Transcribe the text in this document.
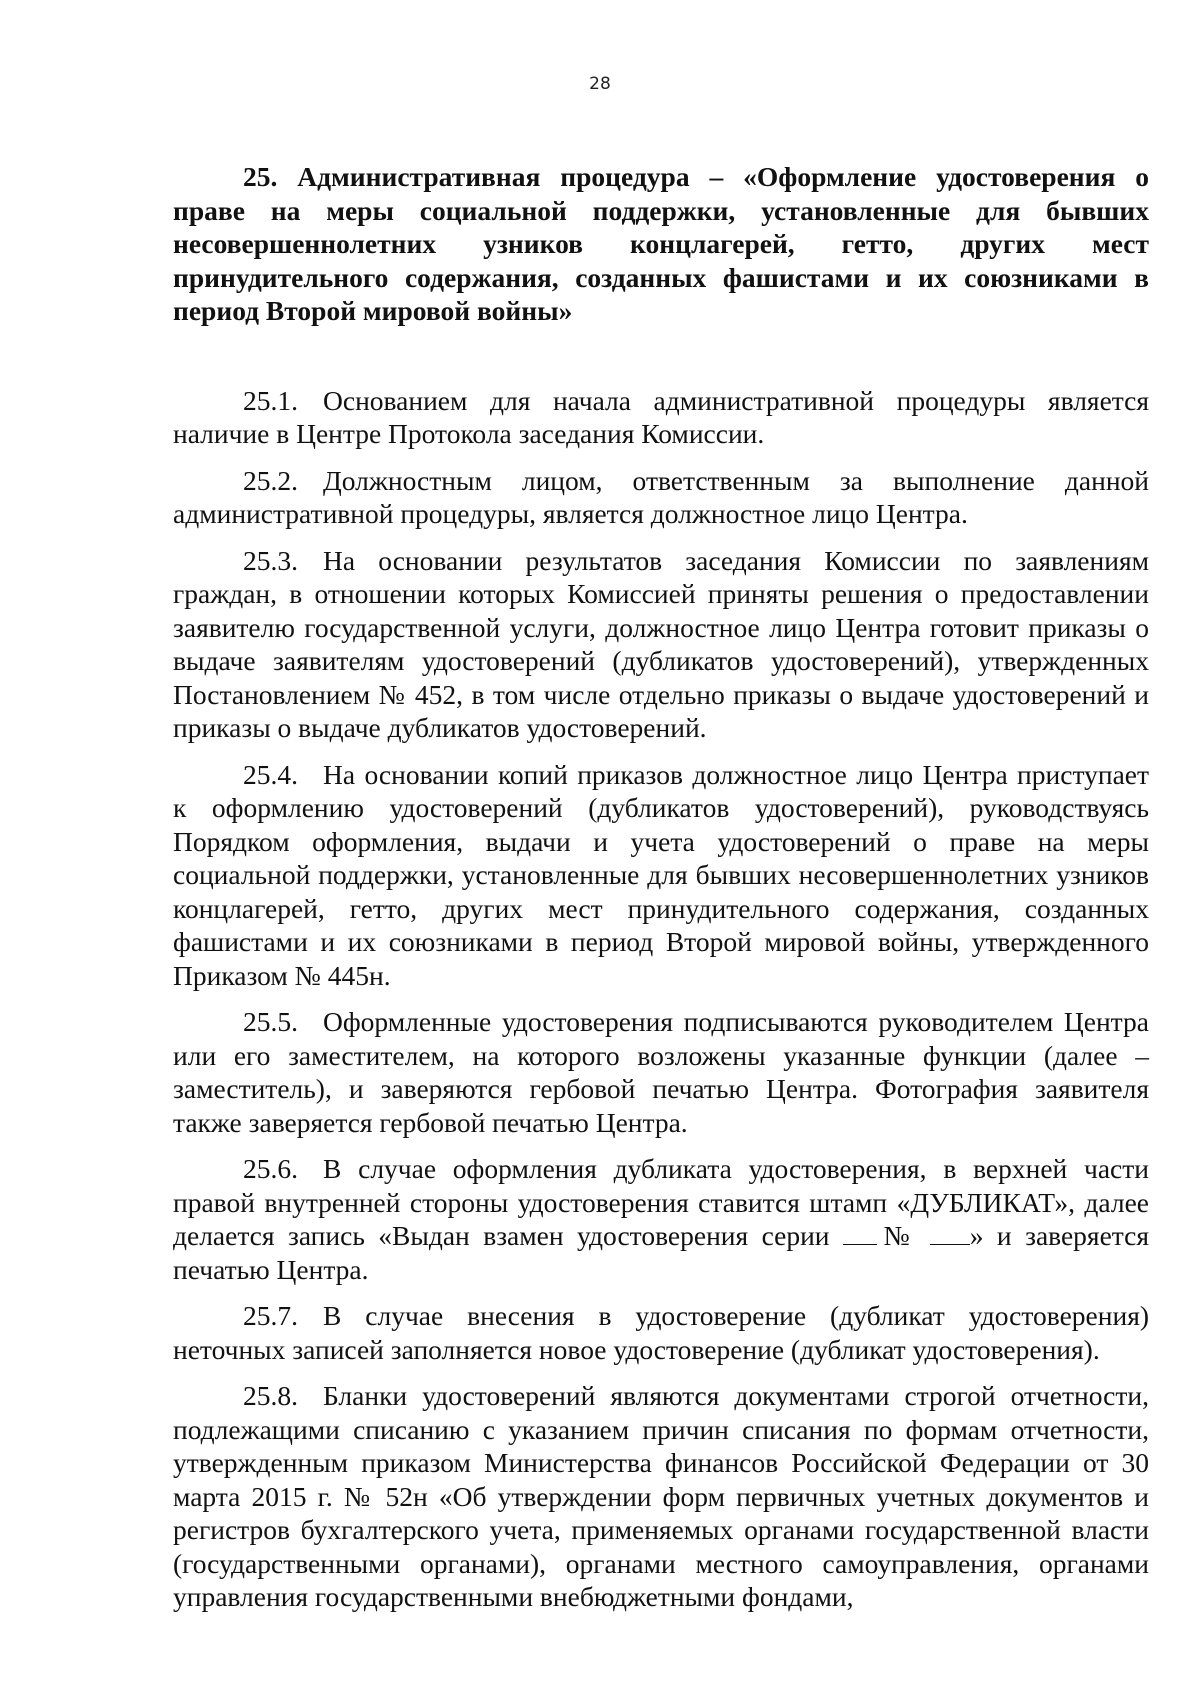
28

25. Административная процедура – «Оформление удостоверения о праве на меры социальной поддержки, установленные для бывших несовершеннолетних узников концлагерей, гетто, других мест принудительного содержания, созданных фашистами и их союзниками в период Второй мировой войны»

25.1. Основанием для начала административной процедуры является наличие в Центре Протокола заседания Комиссии.

25.2. Должностным лицом, ответственным за выполнение данной административной процедуры, является должностное лицо Центра.

25.3. На основании результатов заседания Комиссии по заявлениям граждан, в отношении которых Комиссией приняты решения о предоставлении заявителю государственной услуги, должностное лицо Центра готовит приказы о выдаче заявителям удостоверений (дубликатов удостоверений), утвержденных Постановлением № 452, в том числе отдельно приказы о выдаче удостоверений и приказы о выдаче дубликатов удостоверений.

25.4. На основании копий приказов должностное лицо Центра приступает к оформлению удостоверений (дубликатов удостоверений), руководствуясь Порядком оформления, выдачи и учета удостоверений о праве на меры социальной поддержки, установленные для бывших несовершеннолетних узников концлагерей, гетто, других мест принудительного содержания, созданных фашистами и их союзниками в период Второй мировой войны, утвержденного Приказом № 445н.

25.5. Оформленные удостоверения подписываются руководителем Центра или его заместителем, на которого возложены указанные функции (далее – заместитель), и заверяются гербовой печатью Центра. Фотография заявителя также заверяется гербовой печатью Центра.

25.6. В случае оформления дубликата удостоверения, в верхней части правой внутренней стороны удостоверения ставится штамп «ДУБЛИКАТ», далее делается запись «Выдан взамен удостоверения серии № » и заверяется печатью Центра.

25.7. В случае внесения в удостоверение (дубликат удостоверения) неточных записей заполняется новое удостоверение (дубликат удостоверения).

25.8. Бланки удостоверений являются документами строгой отчетности, подлежащими списанию с указанием причин списания по формам отчетности, утвержденным приказом Министерства финансов Российской Федерации от 30 марта 2015 г. № 52н «Об утверждении форм первичных учетных документов и регистров бухгалтерского учета, применяемых органами государственной власти (государственными органами), органами местного самоуправления, органами управления государственными внебюджетными фондами,
